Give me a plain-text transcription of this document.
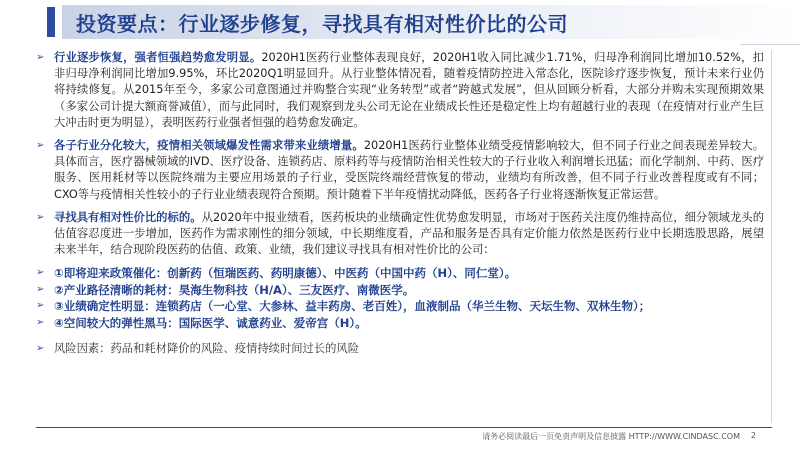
投资要点：行业逐步修复，寻找具有相对性价比的公司
➢ 行业逐步恢复，强者恒强趋势愈发明显。2020H1医药行业整体表现良好，2020H1收入同比减少1.71%，归母净利润同比增加10.52%，扣非归母净利润同比增加9.95%，环比2020Q1明显回升。从行业整体情况看，随着疫情防控进入常态化，医院诊疗逐步恢复，预计未来行业仍将持续修复。从2015年至今，多家公司意图通过并购整合实现“业务转型”或者“跨越式发展”，但从回顾分析看，大部分并购未实现预期效果（多家公司计提大额商誉减值），而与此同时，我们观察到龙头公司无论在业绩成长性还是稳定性上均有超越行业的表现（在疫情对行业产生巨大冲击时更为明显），表明医药行业强者恒强的趋势愈发确定。
➢ 各子行业分化较大，疫情相关领域爆发性需求带来业绩增量。2020H1医药行业整体业绩受疫情影响较大，但不同子行业之间表现差异较大。具体而言，医疗器械领域的IVD、医疗设备、连锁药店、原料药等与疫情防治相关性较大的子行业收入利润增长迅猛；而化学制剂、中药、医疗服务、医用耗材等以医院终端为主要应用场景的子行业，受医院终端经营恢复的带动，业绩均有所改善，但不同子行业改善程度或有不同；CXO等与疫情相关性较小的子行业业绩表现符合预期。预计随着下半年疫情扰动降低，医药各子行业将逐渐恢复正常运营。
➢ 寻找具有相对性价比的标的。从2020年中报业绩看，医药板块的业绩确定性优势愈发明显，市场对于医药关注度仍维持高位，细分领域龙头的估值容忍度进一步增加，医药作为需求刚性的细分领域，中长期维度看，产品和服务是否具有定价能力依然是医药行业中长期选股思路，展望未来半年，结合现阶段医药的估值、政策、业绩，我们建议寻找具有相对性价比的公司：
➢ ①即将迎来政策催化：创新药（恒瑞医药、药明康德）、中医药（中国中药（H）、同仁堂）。
➢ ②产业路径清晰的耗材：昊海生物科技（H/A）、三友医疗、南微医学。
➢ ③业绩确定性明显：连锁药店（一心堂、大参林、益丰药房、老百姓），血液制品（华兰生物、天坛生物、双林生物）；
➢ ④空间较大的弹性黑马：国际医学、诚意药业、爱帝宫（H）。
➢ 风险因素：药品和耗材降价的风险、疫情持续时间过长的风险
请务必阅读最后一页免责声明及信息披露 HTTP://WWW.CINDASC.COM 2
